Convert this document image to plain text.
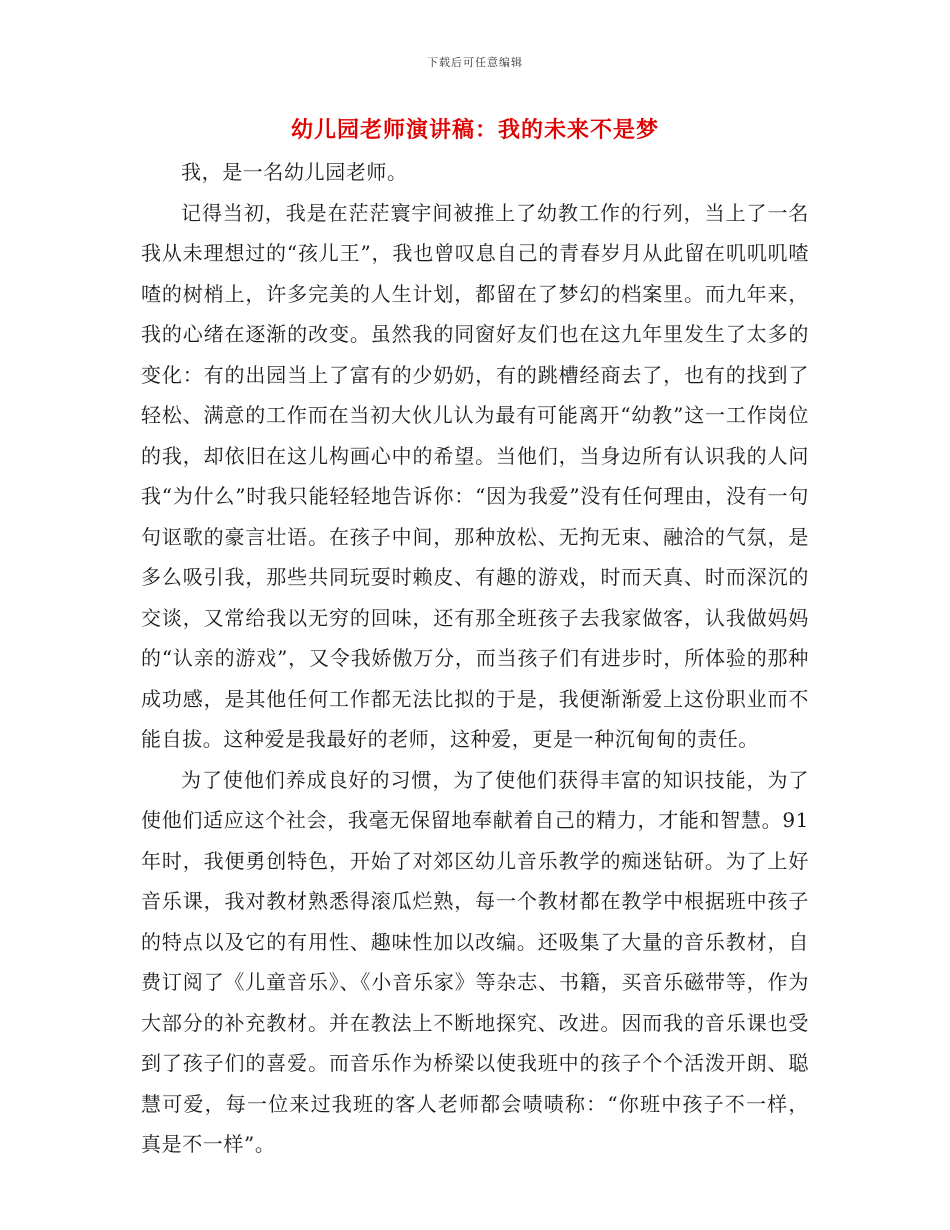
下载后可任意编辑
幼儿园老师演讲稿：我的未来不是梦

我，是一名幼儿园老师。

记得当初，我是在茫茫寰宇间被推上了幼教工作的行列，当上了一名我从未理想过的“孩儿王”，我也曾叹息自己的青春岁月从此留在叽叽叽喳喳的树梢上，许多完美的人生计划，都留在了梦幻的档案里。而九年来，我的心绪在逐渐的改变。虽然我的同窗好友们也在这九年里发生了太多的变化：有的出园当上了富有的少奶奶，有的跳槽经商去了，也有的找到了轻松、满意的工作而在当初大伙儿认为最有可能离开“幼教”这一工作岗位的我，却依旧在这儿构画心中的希望。当他们，当身边所有认识我的人问我“为什么”时我只能轻轻地告诉你：“因为我爱”没有任何理由，没有一句句讴歌的豪言壮语。在孩子中间，那种放松、无拘无束、融洽的气氛，是多么吸引我，那些共同玩耍时赖皮、有趣的游戏，时而天真、时而深沉的交谈，又常给我以无穷的回味，还有那全班孩子去我家做客，认我做妈妈的“认亲的游戏”，又令我娇傲万分，而当孩子们有进步时，所体验的那种成功感，是其他任何工作都无法比拟的于是，我便渐渐爱上这份职业而不能自拔。这种爱是我最好的老师，这种爱，更是一种沉甸甸的责任。

为了使他们养成良好的习惯，为了使他们获得丰富的知识技能，为了使他们适应这个社会，我毫无保留地奉献着自己的精力，才能和智慧。91年时，我便勇创特色，开始了对郊区幼儿音乐教学的痴迷钻研。为了上好音乐课，我对教材熟悉得滚瓜烂熟，每一个教材都在教学中根据班中孩子的特点以及它的有用性、趣味性加以改编。还吸集了大量的音乐教材，自费订阅了《儿童音乐》、《小音乐家》等杂志、书籍，买音乐磁带等，作为大部分的补充教材。并在教法上不断地探究、改进。因而我的音乐课也受到了孩子们的喜爱。而音乐作为桥梁以使我班中的孩子个个活泼开朗、聪慧可爱，每一位来过我班的客人老师都会啧啧称：“你班中孩子不一样，真是不一样”。
